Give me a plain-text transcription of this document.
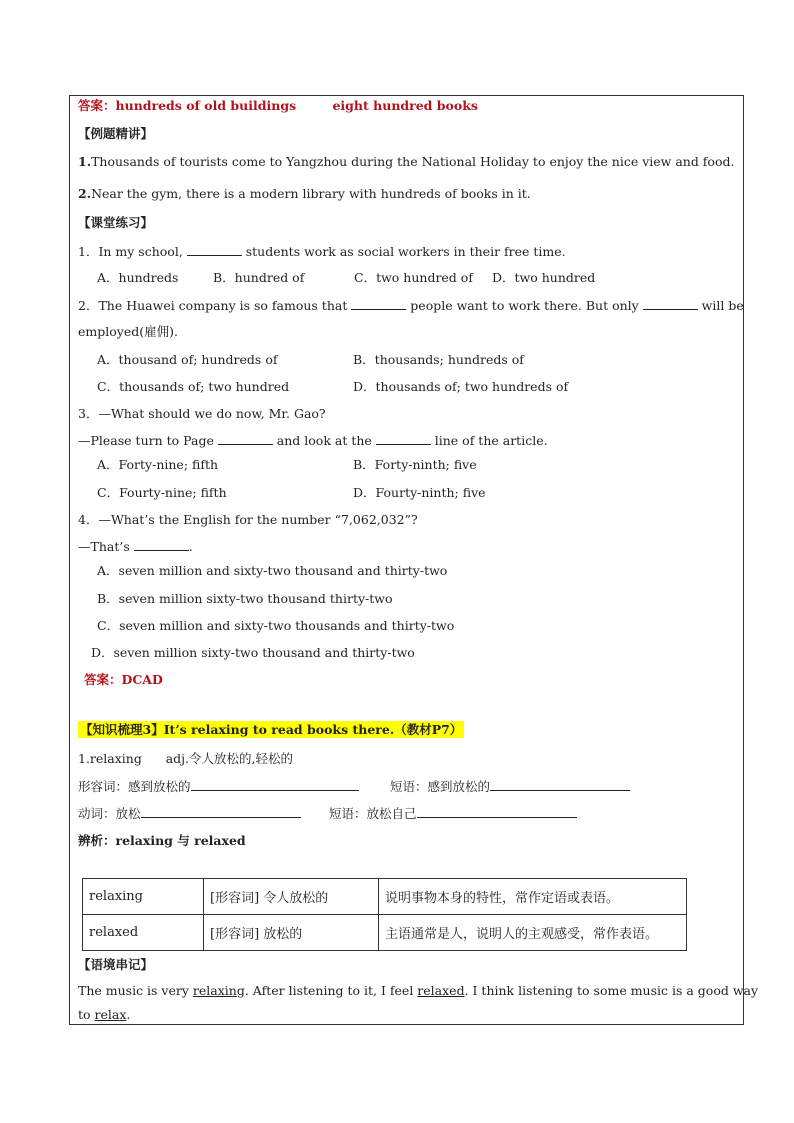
答案：hundreds of old buildings	eight hundred books
【例题精讲】
1.Thousands of tourists come to Yangzhou during the National Holiday to enjoy the nice view and food.
2.Near the gym, there is a modern library with hundreds of books in it.
【课堂练习】
1．In my school,	students work as social workers in their free time.
A．hundreds	B．hundred of	C．two hundred of D．two hundred
2．The Huawei company is so famous that	people want to work there. But only	will be
employed(雇佣).
A．thousand of; hundreds of	B．thousands; hundreds of
C．thousands of; two hundred	D．thousands of; two hundreds of
3．—What should we do now, Mr. Gao?
—Please turn to Page	and look at the	line of the article.
A．Forty-nine; fifth	B．Forty-ninth; five
C．Fourty-nine; fifth	D．Fourty-ninth; five
4．—What’s the English for the number “7,062,032”?
—That’s	.
A．seven million and sixty-two thousand and thirty-two
B．seven million sixty-two thousand thirty-two
C．seven million and sixty-two thousands and thirty-two
D．seven million sixty-two thousand and thirty-two
答案：DCAD
【知识梳理3】It’s relaxing to read books there.（教材P7）
1.relaxing      adj.令人放松的,轻松的
形容词：感到放松的	短语：感到放松的
动词：放松	短语：放松自己
辨析：relaxing 与 relaxed
relaxing	[形容词] 令人放松的	说明事物本身的特性，常作定语或表语。
relaxed	[形容词] 放松的	主语通常是人，说明人的主观感受，常作表语。
【语境串记】
The music is very relaxing. After listening to it, I feel relaxed. I think listening to some music is a good way
to relax.
